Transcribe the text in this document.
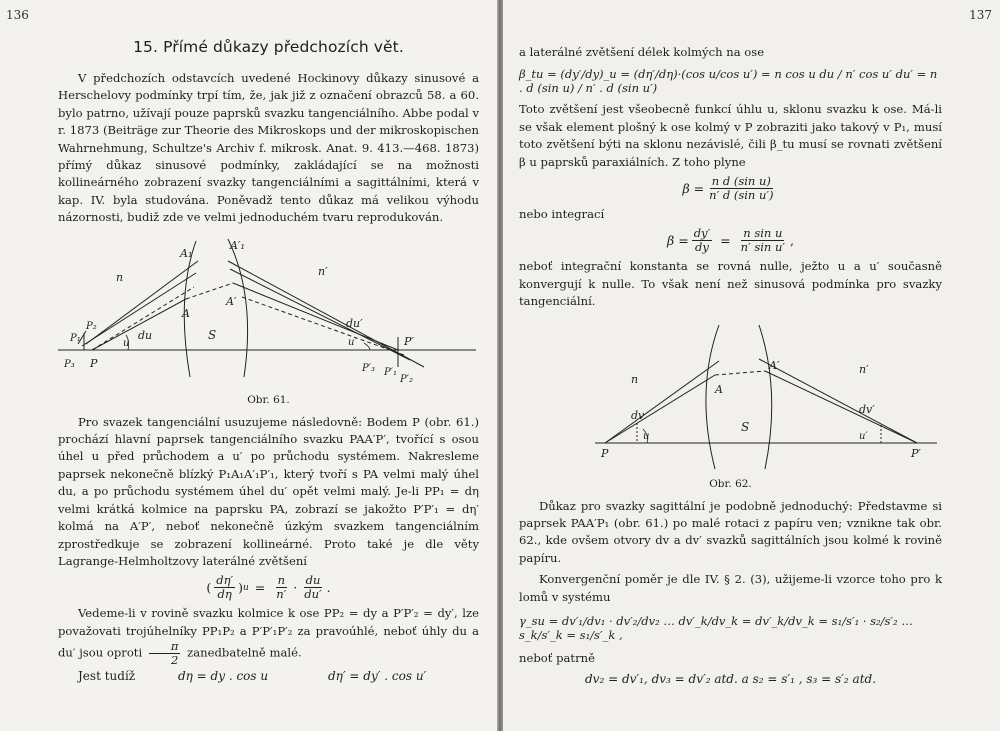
136
15. Přímé důkazy předchozích vět.

V předchozích odstavcích uvedené Hockinovy důkazy sinusové a Herschelovy podmínky trpí tím, že, jak již z označení obrazců 58. a 60. bylo patrno, užívají pouze paprsků svazku tangenciálního. Abbe podal v r. 1873 (Beiträge zur Theorie des Mikroskops und der mikroskopischen Wahrnehmung, Schultze's Archiv f. mikrosk. Anat. 9. 413.—468. 1873) přímý důkaz sinusové podmínky, zakládající se na možnosti kollineárného zobrazení svazky tangenciálními a sagittálními, která v kap. IV. byla studována. Poněvadž tento důkaz má velikou výhodu názornosti, budiž zde ve velmi jednoduchém tvaru reprodukován.

n	n′
A₁
A′₁
A
A′
S
du
u
du′
u′
P₂
P₁
P₃ P
P′
P′₃ P′₁
P′₂
Obr. 61.

Pro svazek tangenciální usuzujeme následovně: Bodem P (obr. 61.) prochází hlavní paprsek tangenciálního svazku PAA′P′, tvořící s osou úhel u před průchodem a u′ po průchodu systémem. Nakresleme paprsek nekonečně blízký P₁A₁A′₁P′₁, který tvoří s PA velmi malý úhel du, a po průchodu systémem úhel du′ opět velmi malý. Je-li PP₁ = dη velmi krátká kolmice na paprsku PA, zobrazí se jakožto P′P′₁ = dη′ kolmá na A′P′, neboť nekonečně úzkým svazkem tangenciálním zprostředkuje se zobrazení kollineárné. Proto také je dle věty Lagrange-Helmholtzovy laterálné zvětšení

( $\frac{d\eta'}{d\eta}$ ) $u = \frac{n}{n'} \cdot \frac{du}{du'}$ .

Vedeme-li v rovině svazku kolmice k ose PP₂ = dy a P′P′₂ = dy′, lze považovati trojúhelníky PP₁P₂ a P′P′₁P′₂ za pravoúhlé, neboť úhly du a du′ jsou oproti $\frac{\pi}{2}$ zanedbatelně malé.

Jest tudíž	dη = dy . cos u	dη′ = dy′ . cos u′
137

a laterálné zvětšení délek kolmých na ose

β_tu = (dy′/dy)_u = (dη′/dη)·(cos u/cos u′) = n cos u du / n′ cos u′ du′ = n . d (sin u) / n′ . d (sin u′)

Toto zvětšení jest všeobecně funkcí úhlu u, sklonu svazku k ose. Má-li se však element plošný k ose kolmý v P zobraziti jako takový v P₁, musí toto zvětšení býti na sklonu nezávislé, čili β_tu musí se rovnati zvětšení β u paprsků paraxiálních. Z toho plyne

$\beta = \frac{\text{n d (sin u)}}{\text{n′ d (sin u′)}}$

nebo integrací

$\beta = \frac{dy'}{dy} = \frac{\text{n sin u}}{\text{n′ sin u′}}$ ,

neboť integrační konstanta se rovná nulle, ježto u a u′ současně konvergují k nulle. To však není než sinusová podmínka pro svazky tangenciální.

n
n′
A
A′
S
dv
u
dv′
u′
P	P′
Obr. 62.

Důkaz pro svazky sagittální je podobně jednoduchý: Představme si paprsek PAA′P₁ (obr. 61.) po malé rotaci z papíru ven; vznikne tak obr. 62., kde ovšem otvory dv a dv′ svazků sagittálních jsou kolmé k rovině papíru.

Konvergenční poměr je dle IV. § 2. (3), užijeme-li vzorce toho pro k lomů v systému

γ_su = dv′₁/dv₁ · dv′₂/dv₂ … dv′_k/dv_k = dv′_k/dv_k = s₁/s′₁ · s₂/s′₂ … s_k/s′_k = s₁/s′_k ,

neboť patrně

dv₂ = dv′₁, dv₃ = dv′₂ atd. a s₂ = s′₁ , s₃ = s′₂ atd.
